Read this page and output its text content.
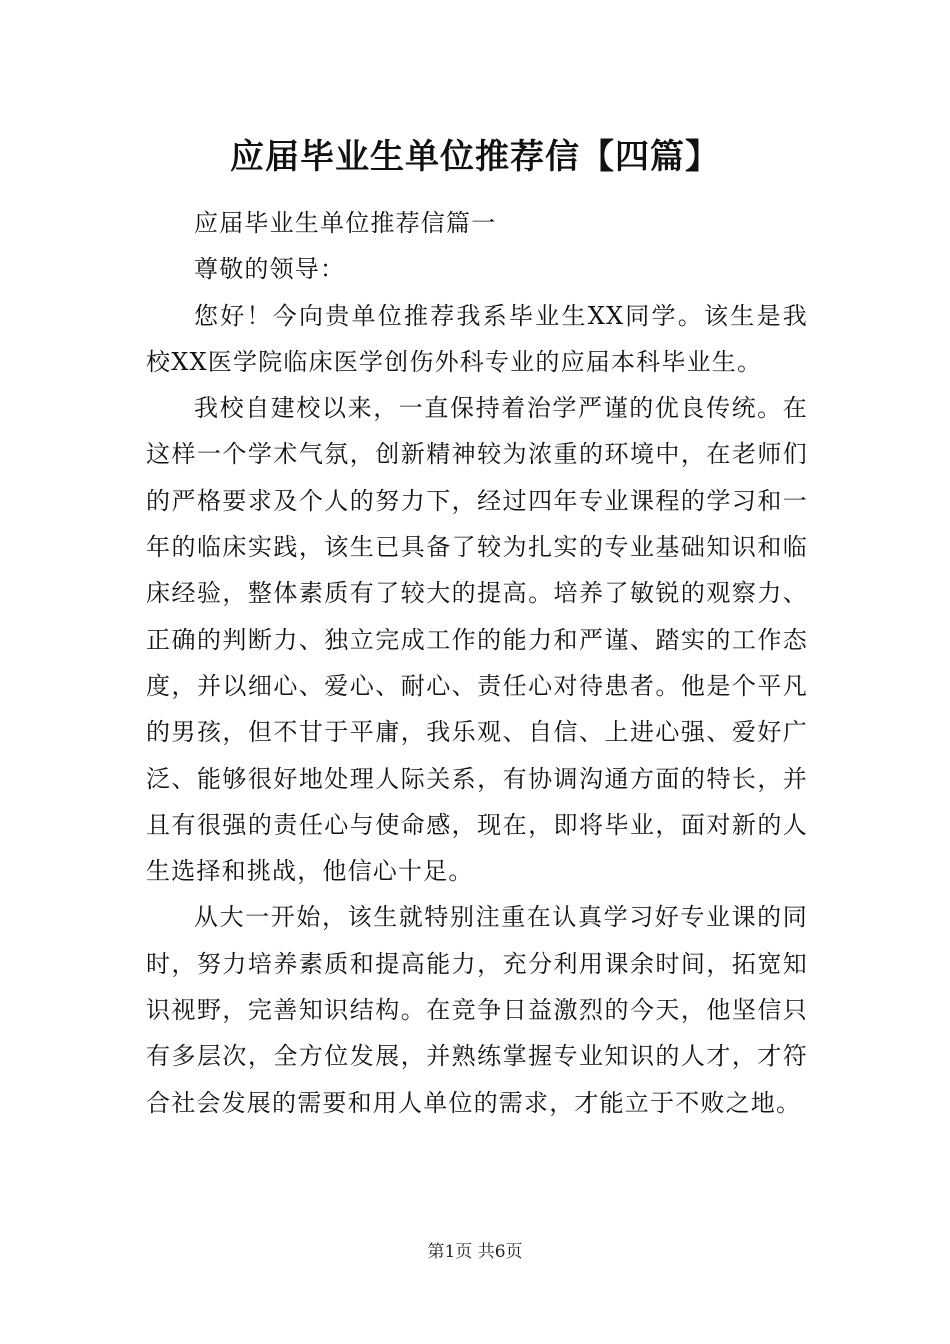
应届毕业生单位推荐信【四篇】

应届毕业生单位推荐信篇一

尊敬的领导：

您好！今向贵单位推荐我系毕业生XX同学。该生是我校XX医学院临床医学创伤外科专业的应届本科毕业生。

我校自建校以来，一直保持着治学严谨的优良传统。在这样一个学术气氛，创新精神较为浓重的环境中，在老师们的严格要求及个人的努力下，经过四年专业课程的学习和一年的临床实践，该生已具备了较为扎实的专业基础知识和临床经验，整体素质有了较大的提高。培养了敏锐的观察力、正确的判断力、独立完成工作的能力和严谨、踏实的工作态度，并以细心、爱心、耐心、责任心对待患者。他是个平凡的男孩，但不甘于平庸，我乐观、自信、上进心强、爱好广泛、能够很好地处理人际关系，有协调沟通方面的特长，并且有很强的责任心与使命感，现在，即将毕业，面对新的人生选择和挑战，他信心十足。

从大一开始，该生就特别注重在认真学习好专业课的同时，努力培养素质和提高能力，充分利用课余时间，拓宽知识视野，完善知识结构。在竞争日益激烈的今天，他坚信只有多层次，全方位发展，并熟练掌握专业知识的人才，才符合社会发展的需要和用人单位的需求，才能立于不败之地。

第1页 共6页
